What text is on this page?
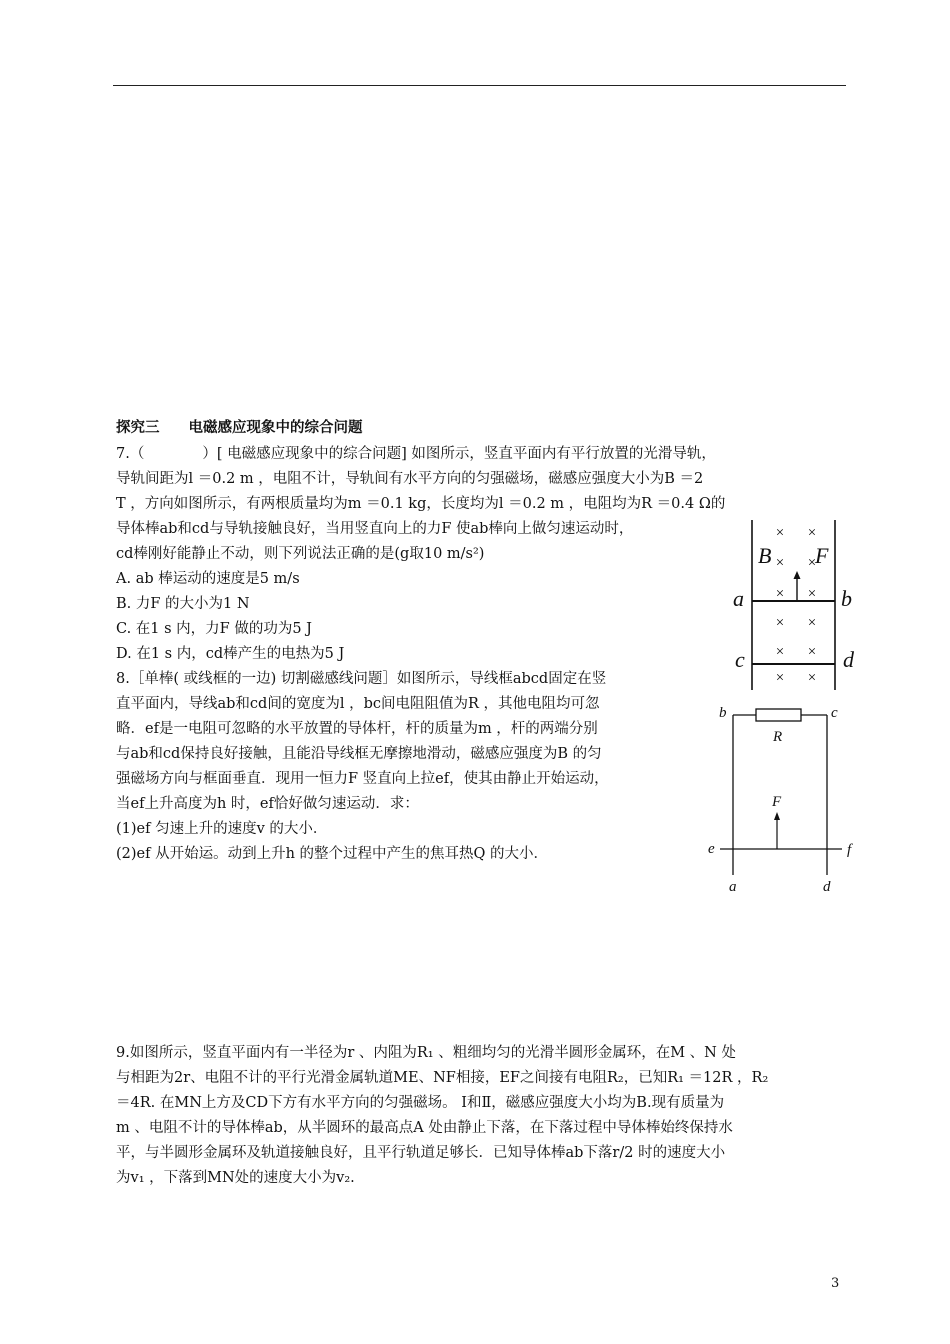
探究三　　电磁感应现象中的综合问题
7.（　　　　）[ 电磁感应现象中的综合问题] 如图所示，竖直平面内有平行放置的光滑导轨，
导轨间距为l ＝0.2 m ，电阻不计，导轨间有水平方向的匀强磁场，磁感应强度大小为B ＝2
T ，方向如图所示，有两根质量均为m ＝0.1 kg，长度均为l ＝0.2 m ，电阻均为R ＝0.4 Ω的
导体棒ab和cd与导轨接触良好，当用竖直向上的力F 使ab棒向上做匀速运动时，
cd棒刚好能静止不动，则下列说法正确的是(g取10 m/s²)
A. ab 棒运动的速度是5 m/s
B. 力F 的大小为1 N
C. 在1 s 内，力F 做的功为5 J
D. 在1 s 内，cd棒产生的电热为5 J
× ×
× ×
× ×
× ×
× ×
× ×
B F
a	b
c	d
8.［单棒( 或线框的一边) 切割磁感线问题］如图所示，导线框abcd固定在竖
直平面内，导线ab和cd间的宽度为l ，bc间电阻阻值为R ，其他电阻均可忽
略．ef是一电阻可忽略的水平放置的导体杆，杆的质量为m ，杆的两端分别
与ab和cd保持良好接触，且能沿导线框无摩擦地滑动，磁感应强度为B 的匀
强磁场方向与框面垂直．现用一恒力F 竖直向上拉ef，使其由静止开始运动，
当ef上升高度为h 时，ef恰好做匀速运动．求：
(1)ef 匀速上升的速度v 的大小．
(2)ef 从开始运。动到上升h 的整个过程中产生的焦耳热Q 的大小．
b	c
R
F
e	f
a	d
9.如图所示，竖直平面内有一半径为r 、内阻为R₁ 、粗细均匀的光滑半圆形金属环，在M 、N 处
与相距为2r、电阻不计的平行光滑金属轨道ME、NF相接，EF之间接有电阻R₂，已知R₁ ＝12R ，R₂
＝4R. 在MN上方及CD下方有水平方向的匀强磁场。 Ⅰ和Ⅱ，磁感应强度大小均为B.现有质量为
m 、电阻不计的导体棒ab，从半圆环的最高点A 处由静止下落，在下落过程中导体棒始终保持水
平，与半圆形金属环及轨道接触良好，且平行轨道足够长．已知导体棒ab下落r/2 时的速度大小
为v₁ ，下落到MN处的速度大小为v₂.
3
